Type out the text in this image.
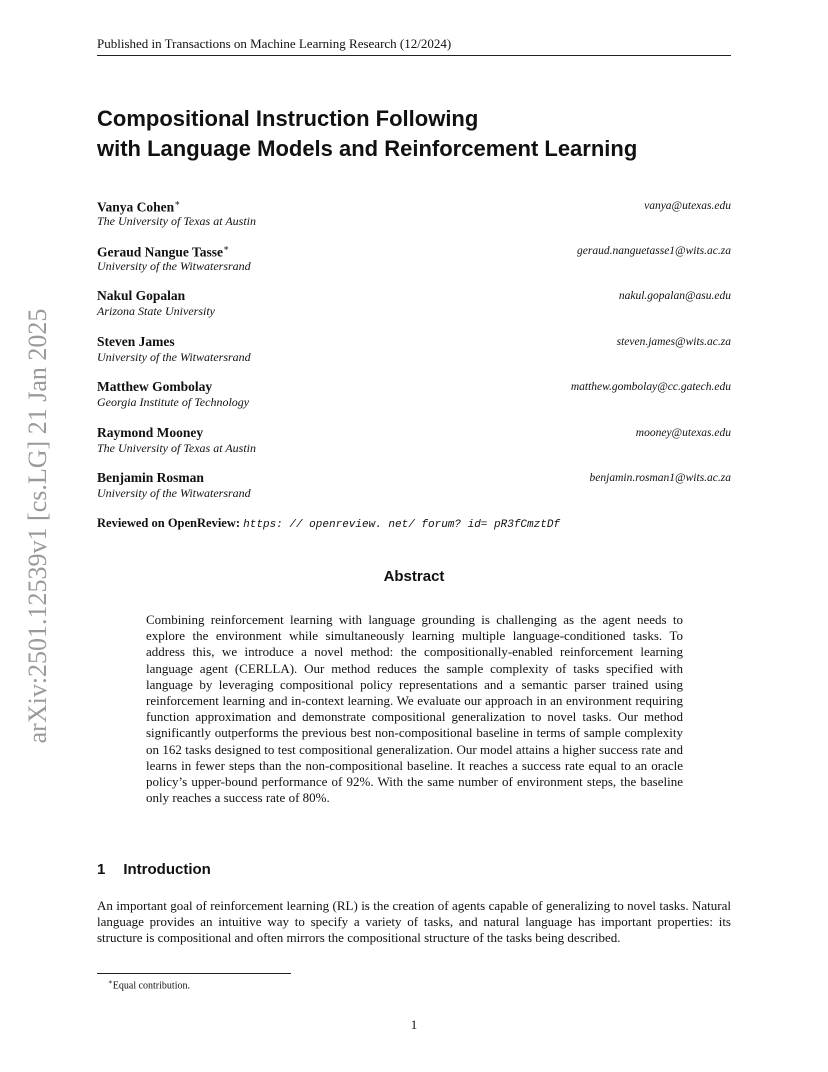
Published in Transactions on Machine Learning Research (12/2024)
arXiv:2501.12539v1 [cs.LG] 21 Jan 2025
Compositional Instruction Following
with Language Models and Reinforcement Learning
Vanya Cohen∗
The University of Texas at Austin
vanya@utexas.edu
Geraud Nangue Tasse∗
University of the Witwatersrand
geraud.nanguetasse1@wits.ac.za
Nakul Gopalan
Arizona State University
nakul.gopalan@asu.edu
Steven James
University of the Witwatersrand
steven.james@wits.ac.za
Matthew Gombolay
Georgia Institute of Technology
matthew.gombolay@cc.gatech.edu
Raymond Mooney
The University of Texas at Austin
mooney@utexas.edu
Benjamin Rosman
University of the Witwatersrand
benjamin.rosman1@wits.ac.za
Reviewed on OpenReview: https: // openreview. net/ forum? id= pR3fCmztDf
Abstract
Combining reinforcement learning with language grounding is challenging as the agent needs to explore the environment while simultaneously learning multiple language-conditioned tasks. To address this, we introduce a novel method: the compositionally-enabled reinforcement learning language agent (CERLLA). Our method reduces the sample complexity of tasks specified with language by leveraging compositional policy representations and a semantic parser trained using reinforcement learning and in-context learning. We evaluate our approach in an environment requiring function approximation and demonstrate compositional generalization to novel tasks. Our method significantly outperforms the previous best non-compositional baseline in terms of sample complexity on 162 tasks designed to test compositional generalization. Our model attains a higher success rate and learns in fewer steps than the non-compositional baseline. It reaches a success rate equal to an oracle policy’s upper-bound performance of 92%. With the same number of environment steps, the baseline only reaches a success rate of 80%.
1 Introduction
An important goal of reinforcement learning (RL) is the creation of agents capable of generalizing to novel tasks. Natural language provides an intuitive way to specify a variety of tasks, and natural language has important properties: its structure is compositional and often mirrors the compositional structure of the tasks being described.
∗Equal contribution.
1
